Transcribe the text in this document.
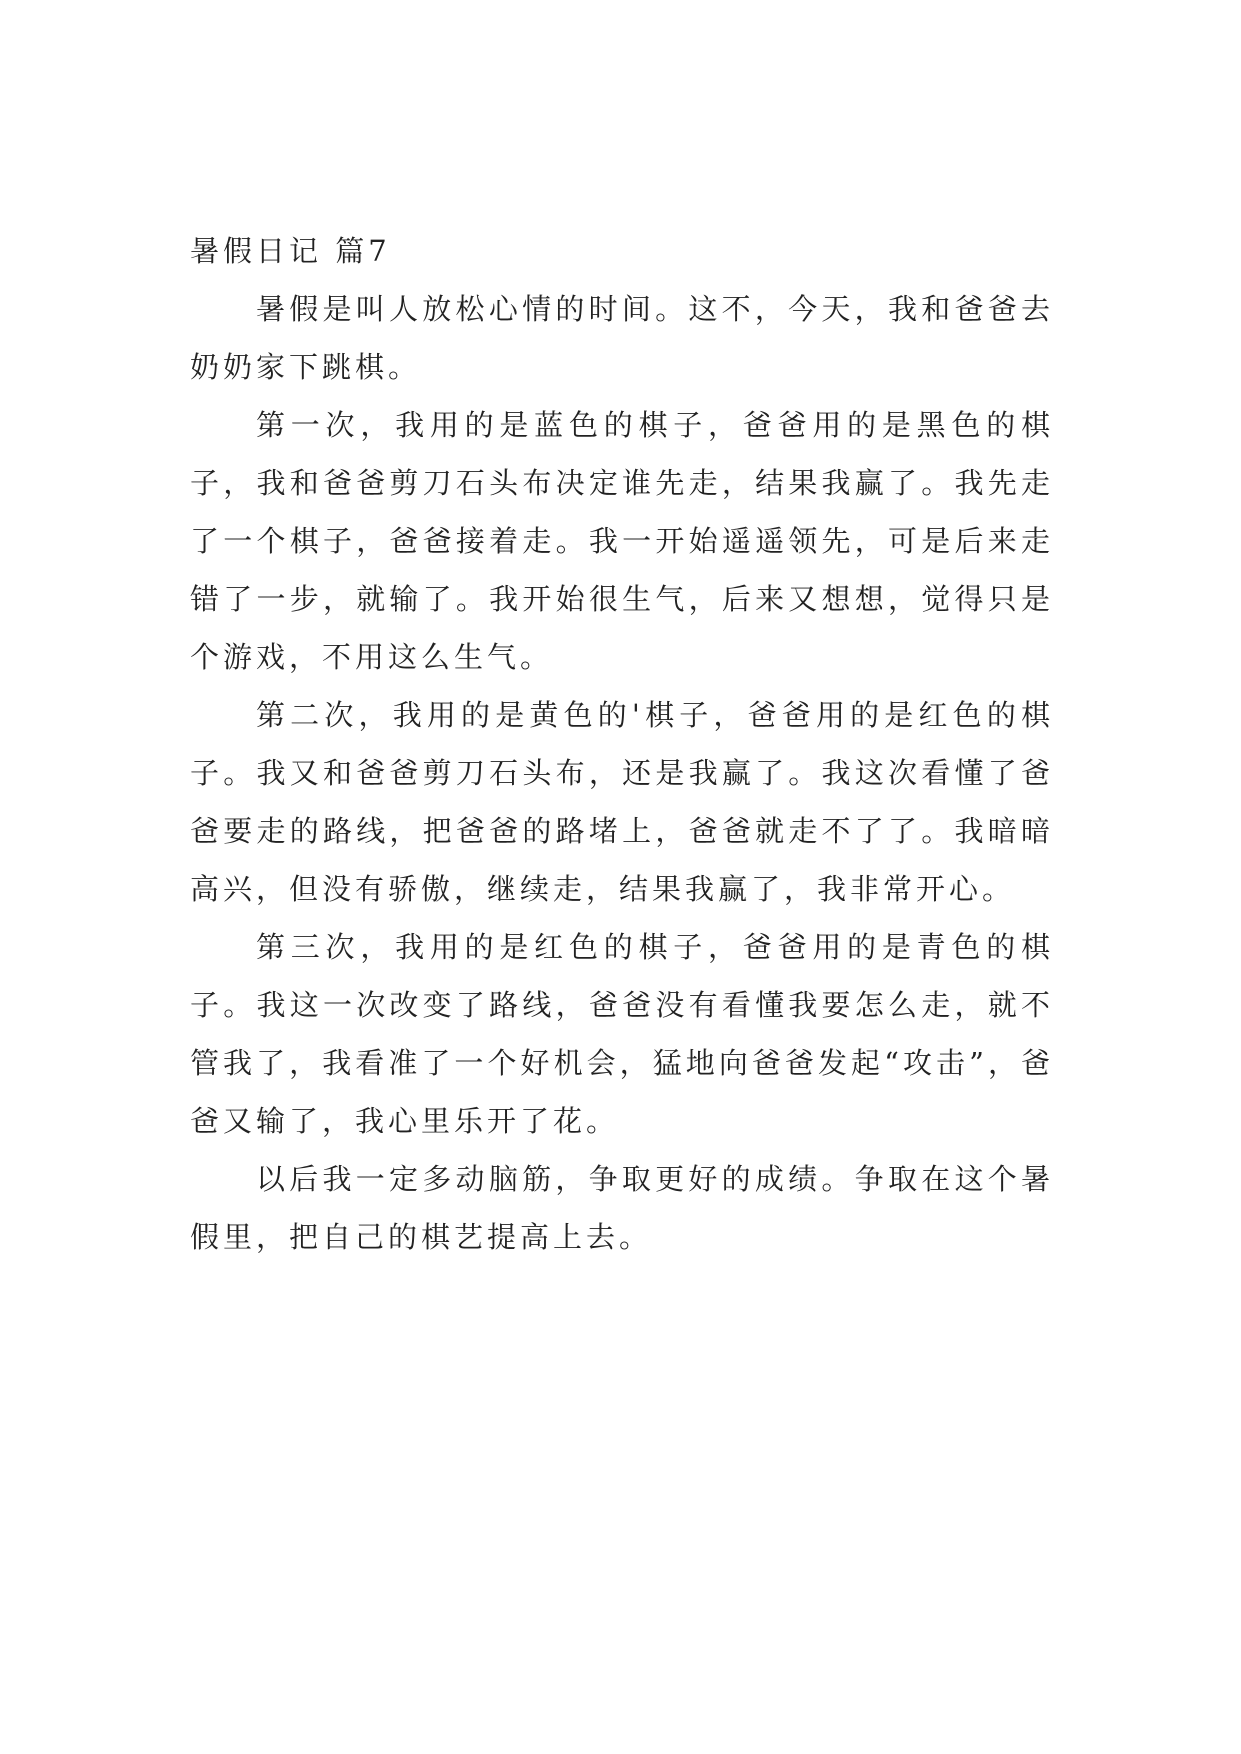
暑假日记 篇7

暑假是叫人放松心情的时间。这不，今天，我和爸爸去奶奶家下跳棋。

第一次，我用的是蓝色的棋子，爸爸用的是黑色的棋子，我和爸爸剪刀石头布决定谁先走，结果我赢了。我先走了一个棋子，爸爸接着走。我一开始遥遥领先，可是后来走错了一步，就输了。我开始很生气，后来又想想，觉得只是个游戏，不用这么生气。

第二次，我用的是黄色的'棋子，爸爸用的是红色的棋子。我又和爸爸剪刀石头布，还是我赢了。我这次看懂了爸爸要走的路线，把爸爸的路堵上，爸爸就走不了了。我暗暗高兴，但没有骄傲，继续走，结果我赢了，我非常开心。

第三次，我用的是红色的棋子，爸爸用的是青色的棋子。我这一次改变了路线，爸爸没有看懂我要怎么走，就不管我了，我看准了一个好机会，猛地向爸爸发起“攻击”，爸爸又输了，我心里乐开了花。

以后我一定多动脑筋，争取更好的成绩。争取在这个暑假里，把自己的棋艺提高上去。
